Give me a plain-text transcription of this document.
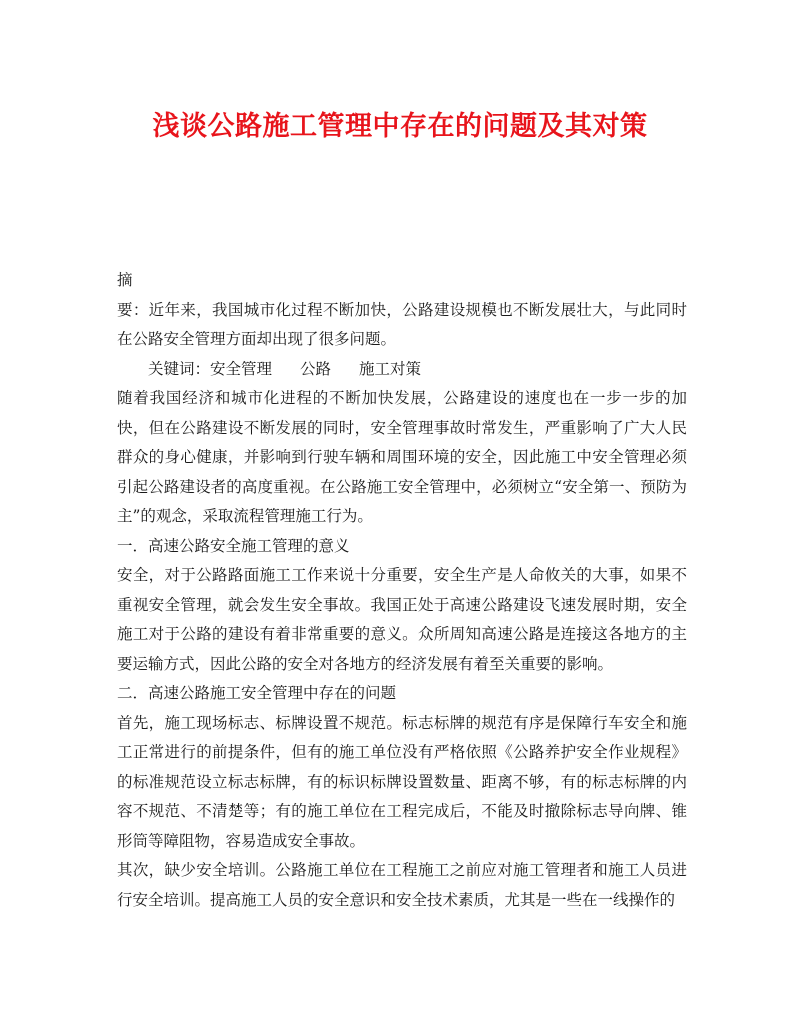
浅谈公路施工管理中存在的问题及其对策

摘

要：近年来，我国城市化过程不断加快，公路建设规模也不断发展壮大，与此同时在公路安全管理方面却出现了很多问题。

关键词：安全管理 公路 施工对策

随着我国经济和城市化进程的不断加快发展，公路建设的速度也在一步一步的加快，但在公路建设不断发展的同时，安全管理事故时常发生，严重影响了广大人民群众的身心健康，并影响到行驶车辆和周围环境的安全，因此施工中安全管理必须引起公路建设者的高度重视。在公路施工安全管理中，必须树立“安全第一、预防为主”的观念，采取流程管理施工行为。

一．高速公路安全施工管理的意义

安全，对于公路路面施工工作来说十分重要，安全生产是人命攸关的大事，如果不重视安全管理，就会发生安全事故。我国正处于高速公路建设飞速发展时期，安全施工对于公路的建设有着非常重要的意义。众所周知高速公路是连接这各地方的主要运输方式，因此公路的安全对各地方的经济发展有着至关重要的影响。

二．高速公路施工安全管理中存在的问题

首先，施工现场标志、标牌设置不规范。标志标牌的规范有序是保障行车安全和施工正常进行的前提条件，但有的施工单位没有严格依照《公路养护安全作业规程》的标准规范设立标志标牌，有的标识标牌设置数量、距离不够，有的标志标牌的内容不规范、不清楚等；有的施工单位在工程完成后，不能及时撤除标志导向牌、锥形筒等障阻物，容易造成安全事故。

其次，缺少安全培训。公路施工单位在工程施工之前应对施工管理者和施工人员进行安全培训。提高施工人员的安全意识和安全技术素质，尤其是一些在一线操作的
